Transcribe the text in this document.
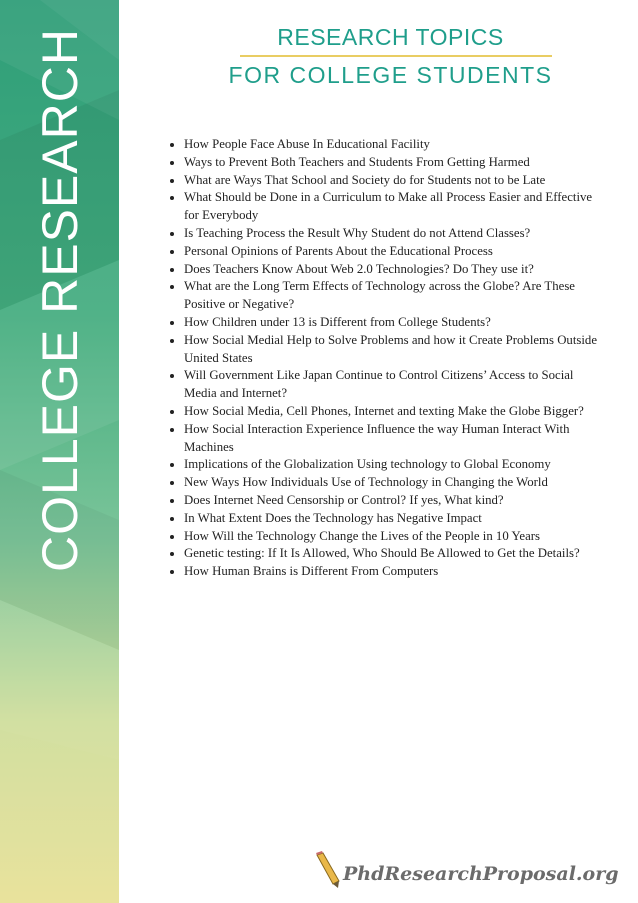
COLLEGE RESEARCH	RESEARCH TOPICS
FOR COLLEGE STUDENTS
• How People Face Abuse In Educational Facility
• Ways to Prevent Both Teachers and Students From Getting Harmed
• What are Ways That School and Society do for Students not to be Late
• What Should be Done in a Curriculum to Make all Process Easier and Effective for Everybody
• Is Teaching Process the Result Why Student do not Attend Classes?
• Personal Opinions of Parents About the Educational Process
• Does Teachers Know About Web 2.0 Technologies? Do They use it?
• What are the Long Term Effects of Technology across the Globe? Are These Positive or Negative?
• How Children under 13 is Different from College Students?
• How Social Medial Help to Solve Problems and how it Create Problems Outside United States
• Will Government Like Japan Continue to Control Citizens’ Access to Social Media and Internet?
• How Social Media, Cell Phones, Internet and texting Make the Globe Bigger?
• How Social Interaction Experience Influence the way Human Interact With Machines
• Implications of the Globalization Using technology to Global Economy
• New Ways How Individuals Use of Technology in Changing the World
• Does Internet Need Censorship or Control? If yes, What kind?
• In What Extent Does the Technology has Negative Impact
• How Will the Technology Change the Lives of the People in 10 Years
• Genetic testing: If It Is Allowed, Who Should Be Allowed to Get the Details?
• How Human Brains is Different From Computers
PhdResearchProposal.org
